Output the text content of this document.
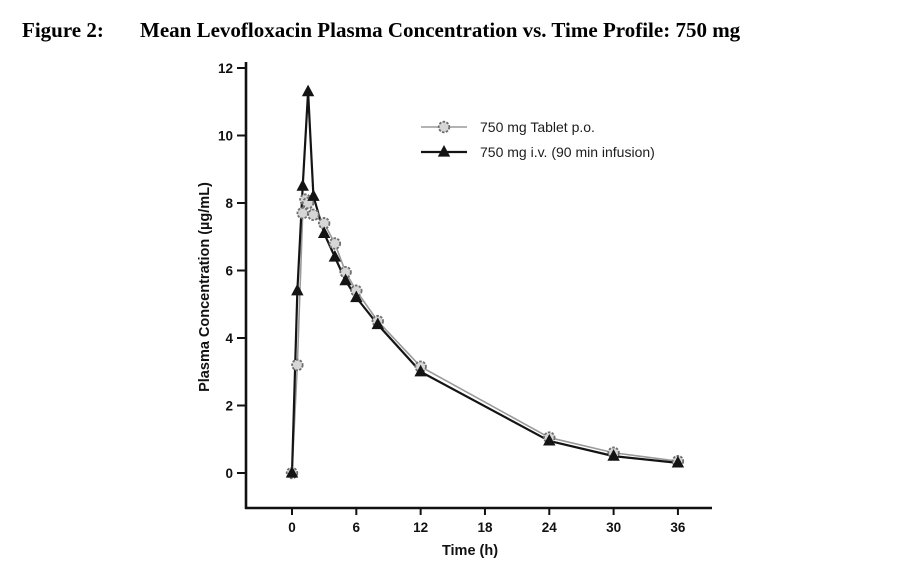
Figure 2: Mean Levofloxacin Plasma Concentration vs. Time Profile: 750 mg
0
2
4
6
8
10
12
0	6	12	18	24	30	36
Time (h)
Plasma Concentration (µg/mL)
750 mg Tablet p.o.
750 mg i.v. (90 min infusion)
